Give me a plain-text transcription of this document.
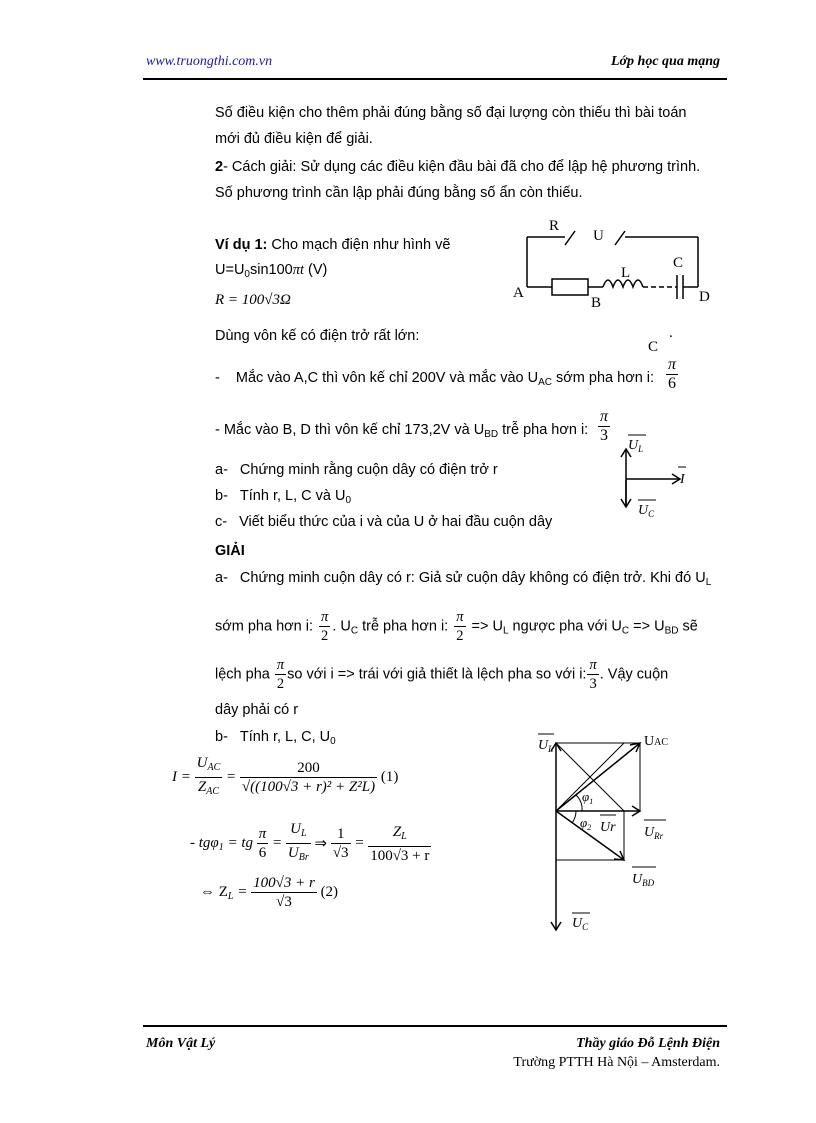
www.truongthi.com.vn	Lớp học qua mạng
Số điều kiện cho thêm phải đúng bằng số đại lượng còn thiếu thì bài toán
mới đủ điều kiện để giải.
2- Cách giải: Sử dụng các điều kiện đầu bài đã cho để lập hệ phương trình.
Số phương trình cần lập phải đúng bằng số ẩn còn thiếu.
Ví dụ 1: Cho mạch điện như hình vẽ
$U=U_0\sin 100\pi t$ (V)
R = 100√3Ω
Dùng vôn kế có điện trở rất lớn:
- Mắc vào A,C thì vôn kế chỉ 200V và mắc vào $U_{AC}$ sớm pha hơn i: $\frac{\pi}{6}$
- Mắc vào B, D thì vôn kế chỉ 173,2V và $U_{BD}$ trễ pha hơn i: $\frac{\pi}{3}$
a- Chứng minh rằng cuộn dây có điện trở r
b- Tính r, L, C và $U_0$
c- Viết biểu thức của i và của U ở hai đầu cuộn dây
R
U
L
C
A
B	D
C
.
$U_L$
I
$U_C$
GIẢI
a- Chứng minh cuộn dây có r: Giả sử cuộn dây không có điện trở. Khi đó $U_L$
sớm pha hơn i: $\frac{\pi}{2}$ . $U_C$ trễ pha hơn i: $\frac{\pi}{2} => U_L$ ngược pha với $U_C => U_{BD}$ sẽ
lệch pha $\frac{\pi}{2}$ so với i => trái với giả thiết là lệch pha so với i: $\frac{\pi}{3}$ . Vậy cuộn
dây phải có r
b- Tính r, L, C, $U_0$
$I = \frac{U_{AC}}{Z_{AC}} = \frac{200}{\text{√((100√3 + r)² + Z²L)}} (1)$
- tgφ$_1$ = tg $\frac{\pi}{6} = \frac{U_L}{U_{Br}}$ ⇒ $\frac{1}{√3} = \frac{Z_L}{100√3 + r}$
⇔ $Z_L = \frac{100√3 + r}{√3} (2)$
$U_L$	UAC
$\varphi_1$
$\varphi_2$ Ur $U_{Rr}$
$U_{BD}$
$U_C$
Môn Vật Lý	Thầy giáo Đỗ Lệnh Điện
Trường PTTH Hà Nội – Amsterdam.
